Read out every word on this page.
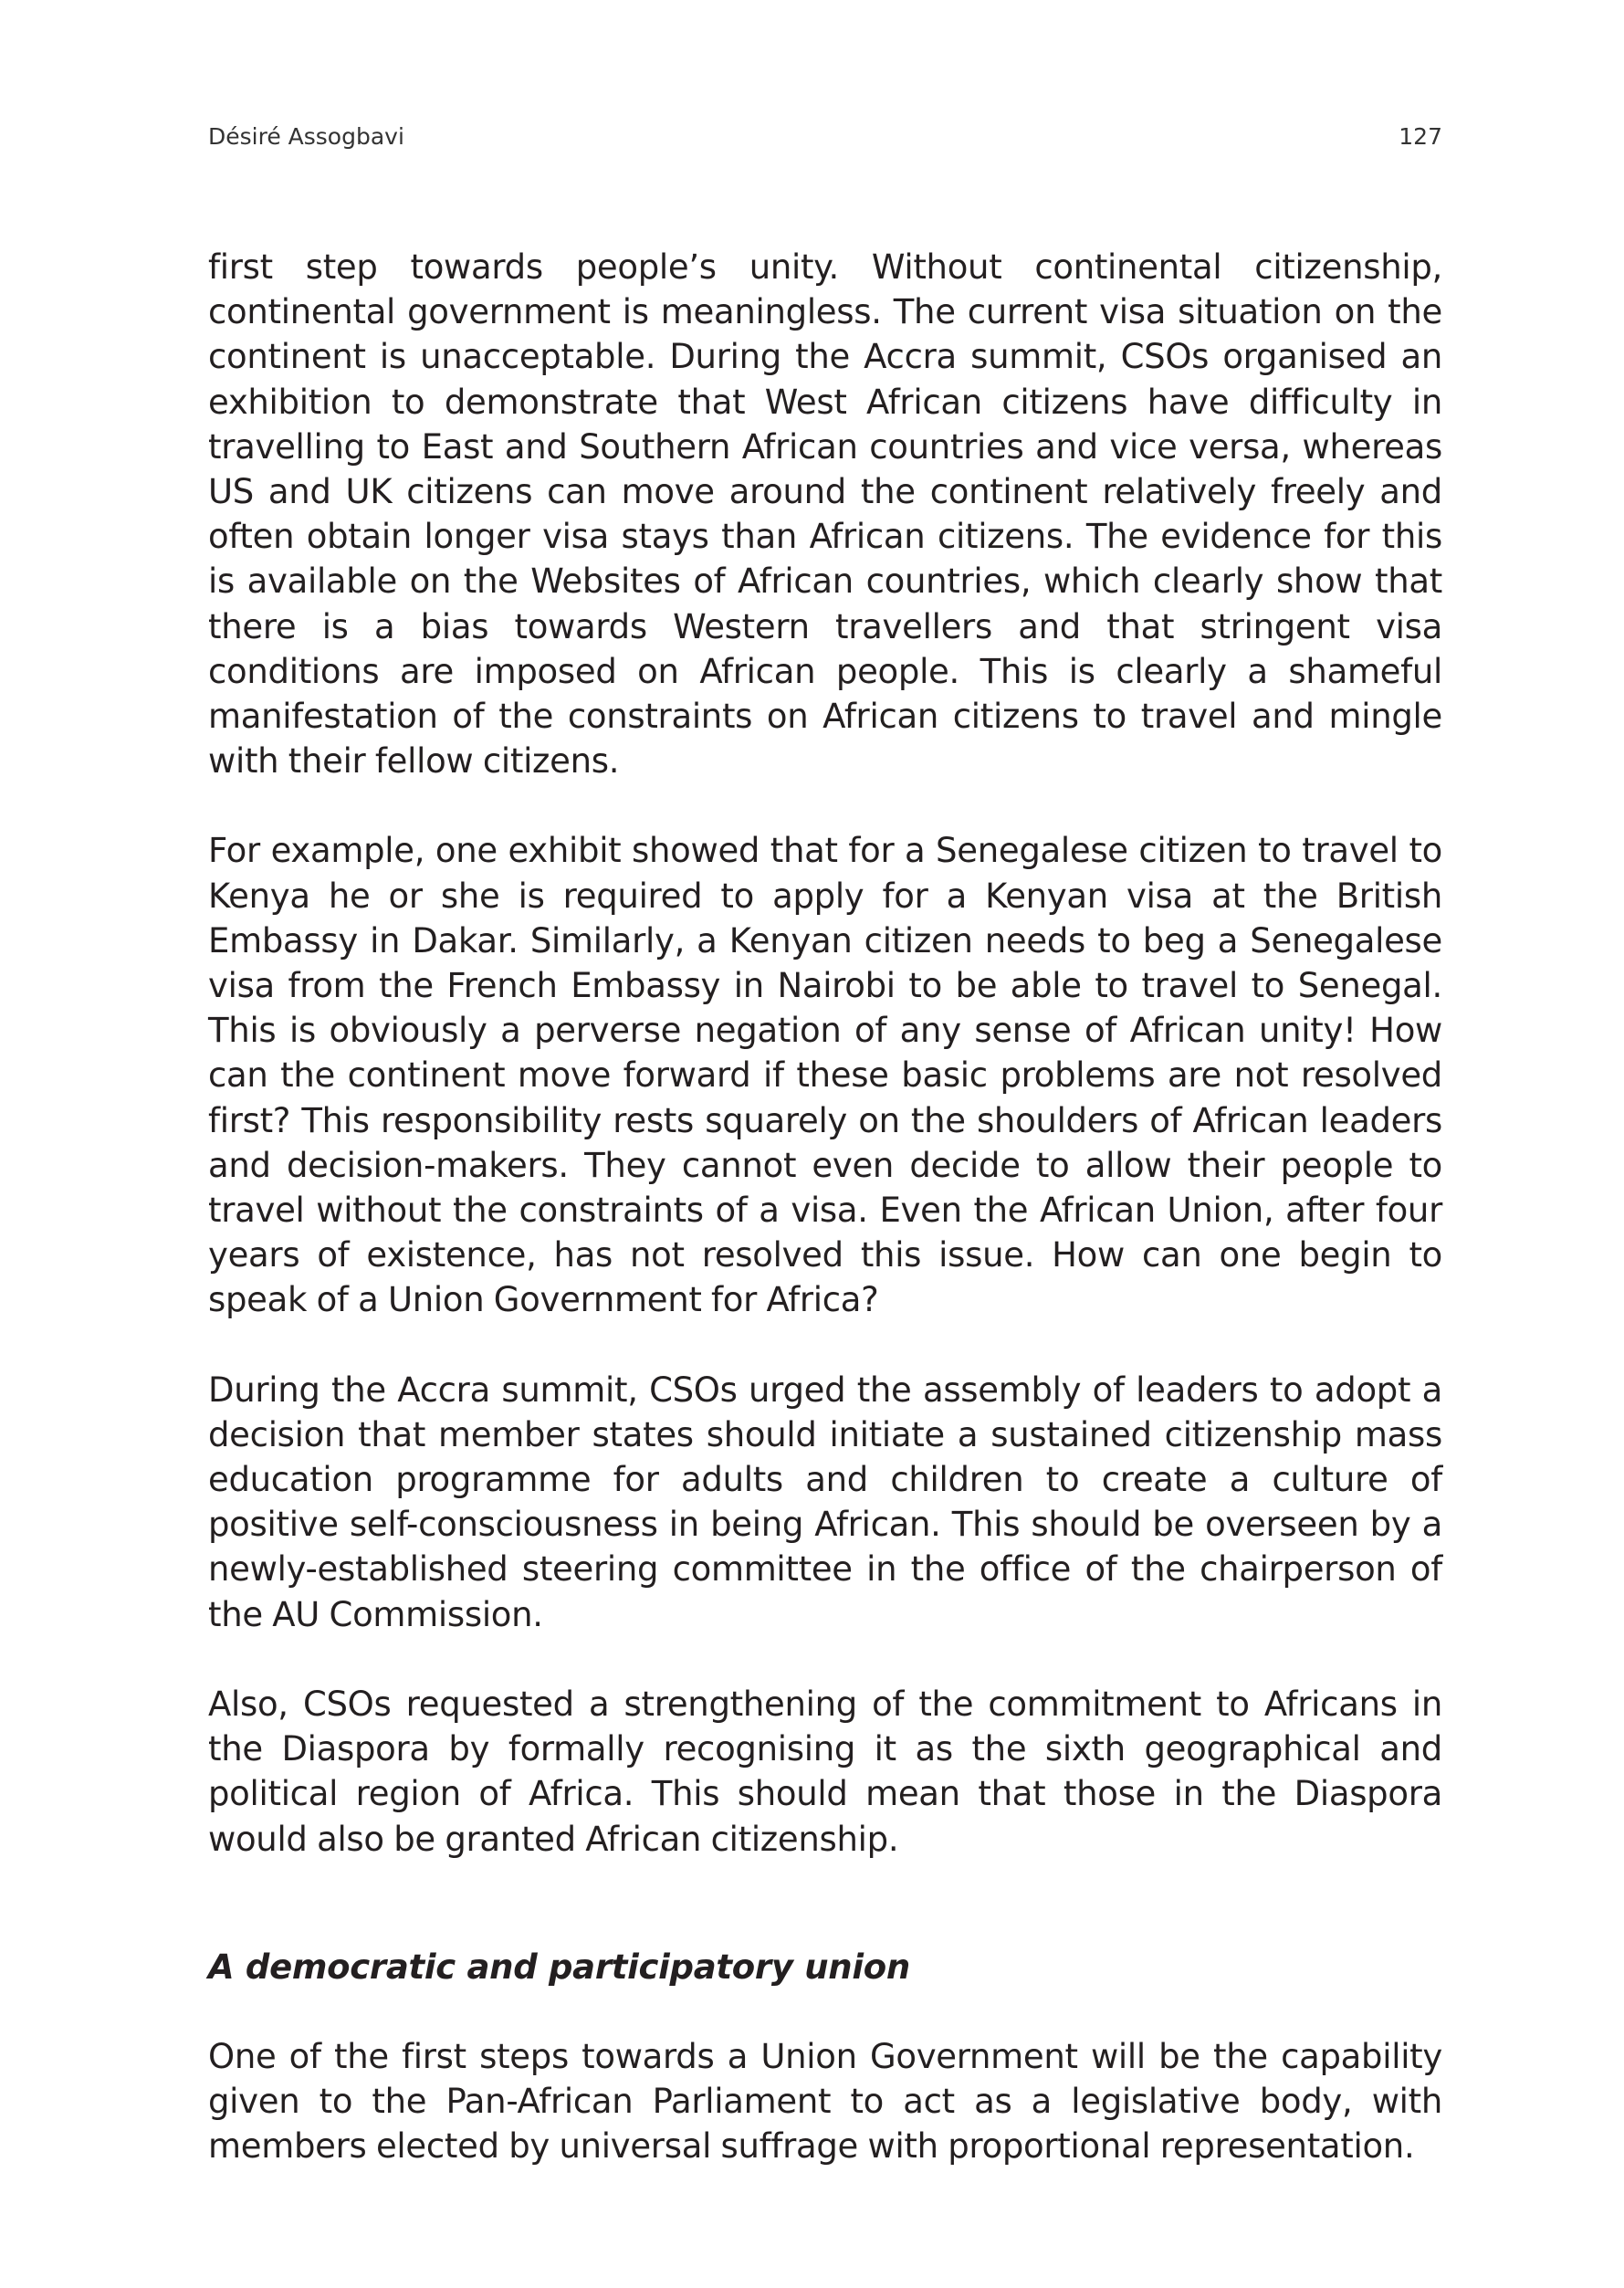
Désiré Assogbavi	127

first step towards people’s unity. Without continental citizenship, continental government is meaningless. The current visa situation on the continent is unacceptable. During the Accra summit, CSOs organised an exhibition to demonstrate that West African citizens have difficulty in travelling to East and Southern African countries and vice versa, whereas US and UK citizens can move around the continent relatively freely and often obtain longer visa stays than African citizens. The evidence for this is available on the Websites of African countries, which clearly show that there is a bias towards Western travellers and that stringent visa conditions are imposed on African people. This is clearly a shameful manifestation of the constraints on African citizens to travel and mingle with their fellow citizens.

For example, one exhibit showed that for a Senegalese citizen to travel to Kenya he or she is required to apply for a Kenyan visa at the British Embassy in Dakar. Similarly, a Kenyan citizen needs to beg a Senegalese visa from the French Embassy in Nairobi to be able to travel to Senegal. This is obviously a perverse negation of any sense of African unity! How can the continent move forward if these basic problems are not resolved first? This responsibility rests squarely on the shoulders of African leaders and decision-makers. They cannot even decide to allow their people to travel without the constraints of a visa. Even the African Union, after four years of existence, has not resolved this issue. How can one begin to speak of a Union Government for Africa?

During the Accra summit, CSOs urged the assembly of leaders to adopt a decision that member states should initiate a sustained citizenship mass education programme for adults and children to create a culture of positive self-consciousness in being African. This should be overseen by a newly-established steering committee in the office of the chairperson of the AU Commission.

Also, CSOs requested a strengthening of the commitment to Africans in the Diaspora by formally recognising it as the sixth geographical and political region of Africa. This should mean that those in the Diaspora would also be granted African citizenship.

A democratic and participatory union

One of the first steps towards a Union Government will be the capability given to the Pan-African Parliament to act as a legislative body, with members elected by universal suffrage with proportional representation.
